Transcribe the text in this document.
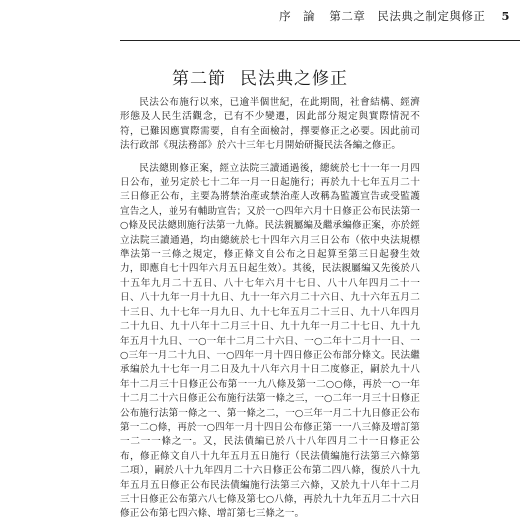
序　論 第二章　民法典之制定與修正 5
第二節 民法典之修正

民法公布施行以來，已逾半個世紀，在此期間，社會結構、經濟形態及人民生活觀念，已有不少變遷，因此部分規定與實際情況不符，已難因應實際需要，自有全面檢討，擇要修正之必要。因此前司法行政部《現法務部》於六十三年七月開始研擬民法各編之修正。

民法總則修正案，經立法院三讀通過後，總統於七十一年一月四日公布，並另定於七十二年一月一日起施行；再於九十七年五月二十三日修正公布，主要為將禁治產或禁治產人改稱為監護宣告或受監護宣告之人，並另有輔助宣告；又於一○四年六月十日修正公布民法第一○條及民法總則施行法第一九條。民法親屬編及繼承編修正案，亦於經立法院三讀通過，均由總統於七十四年六月三日公布（依中央法規標準法第一三條之規定，修正條文自公布之日起算至第三日起發生效力，即應自七十四年六月五日起生效）。其後，民法親屬編又先後於八十五年九月二十五日、八十七年六月十七日、八十八年四月二十一日、八十九年一月十九日、九十一年六月二十六日、九十六年五月二十三日、九十七年一月九日、九十七年五月二十三日、九十八年四月二十九日、九十八年十二月三十日、九十九年一月二十七日、九十九年五月十九日、一○一年十二月二十六日、一○二年十二月十一日、一○三年一月二十九日、一○四年一月十四日修正公布部分條文。民法繼承編於九十七年一月二日及九十八年六月十日二度修正，嗣於九十八年十二月三十日修正公布第一一九八條及第一二○○條，再於一○一年十二月二十六日修正公布施行法第一條之三，一○二年一月三十日修正公布施行法第一條之一、第一條之二，一○三年一月二十九日修正公布第一二○條，再於一○四年一月十四日公布修正第一一八三條及增訂第一二一一條之一。又，民法債編已於八十八年四月二十一日修正公布，修正條文自八十九年五月五日施行（民法債編施行法第三六條第二項），嗣於八十九年四月二十六日修正公布第二四八條，復於八十九年五月五日修正公布民法債編施行法第三六條，又於九十八年十二月三十日修正公布第六八七條及第七○八條，再於九十九年五月二十六日修正公布第七四六條、增訂第七三條之一。
